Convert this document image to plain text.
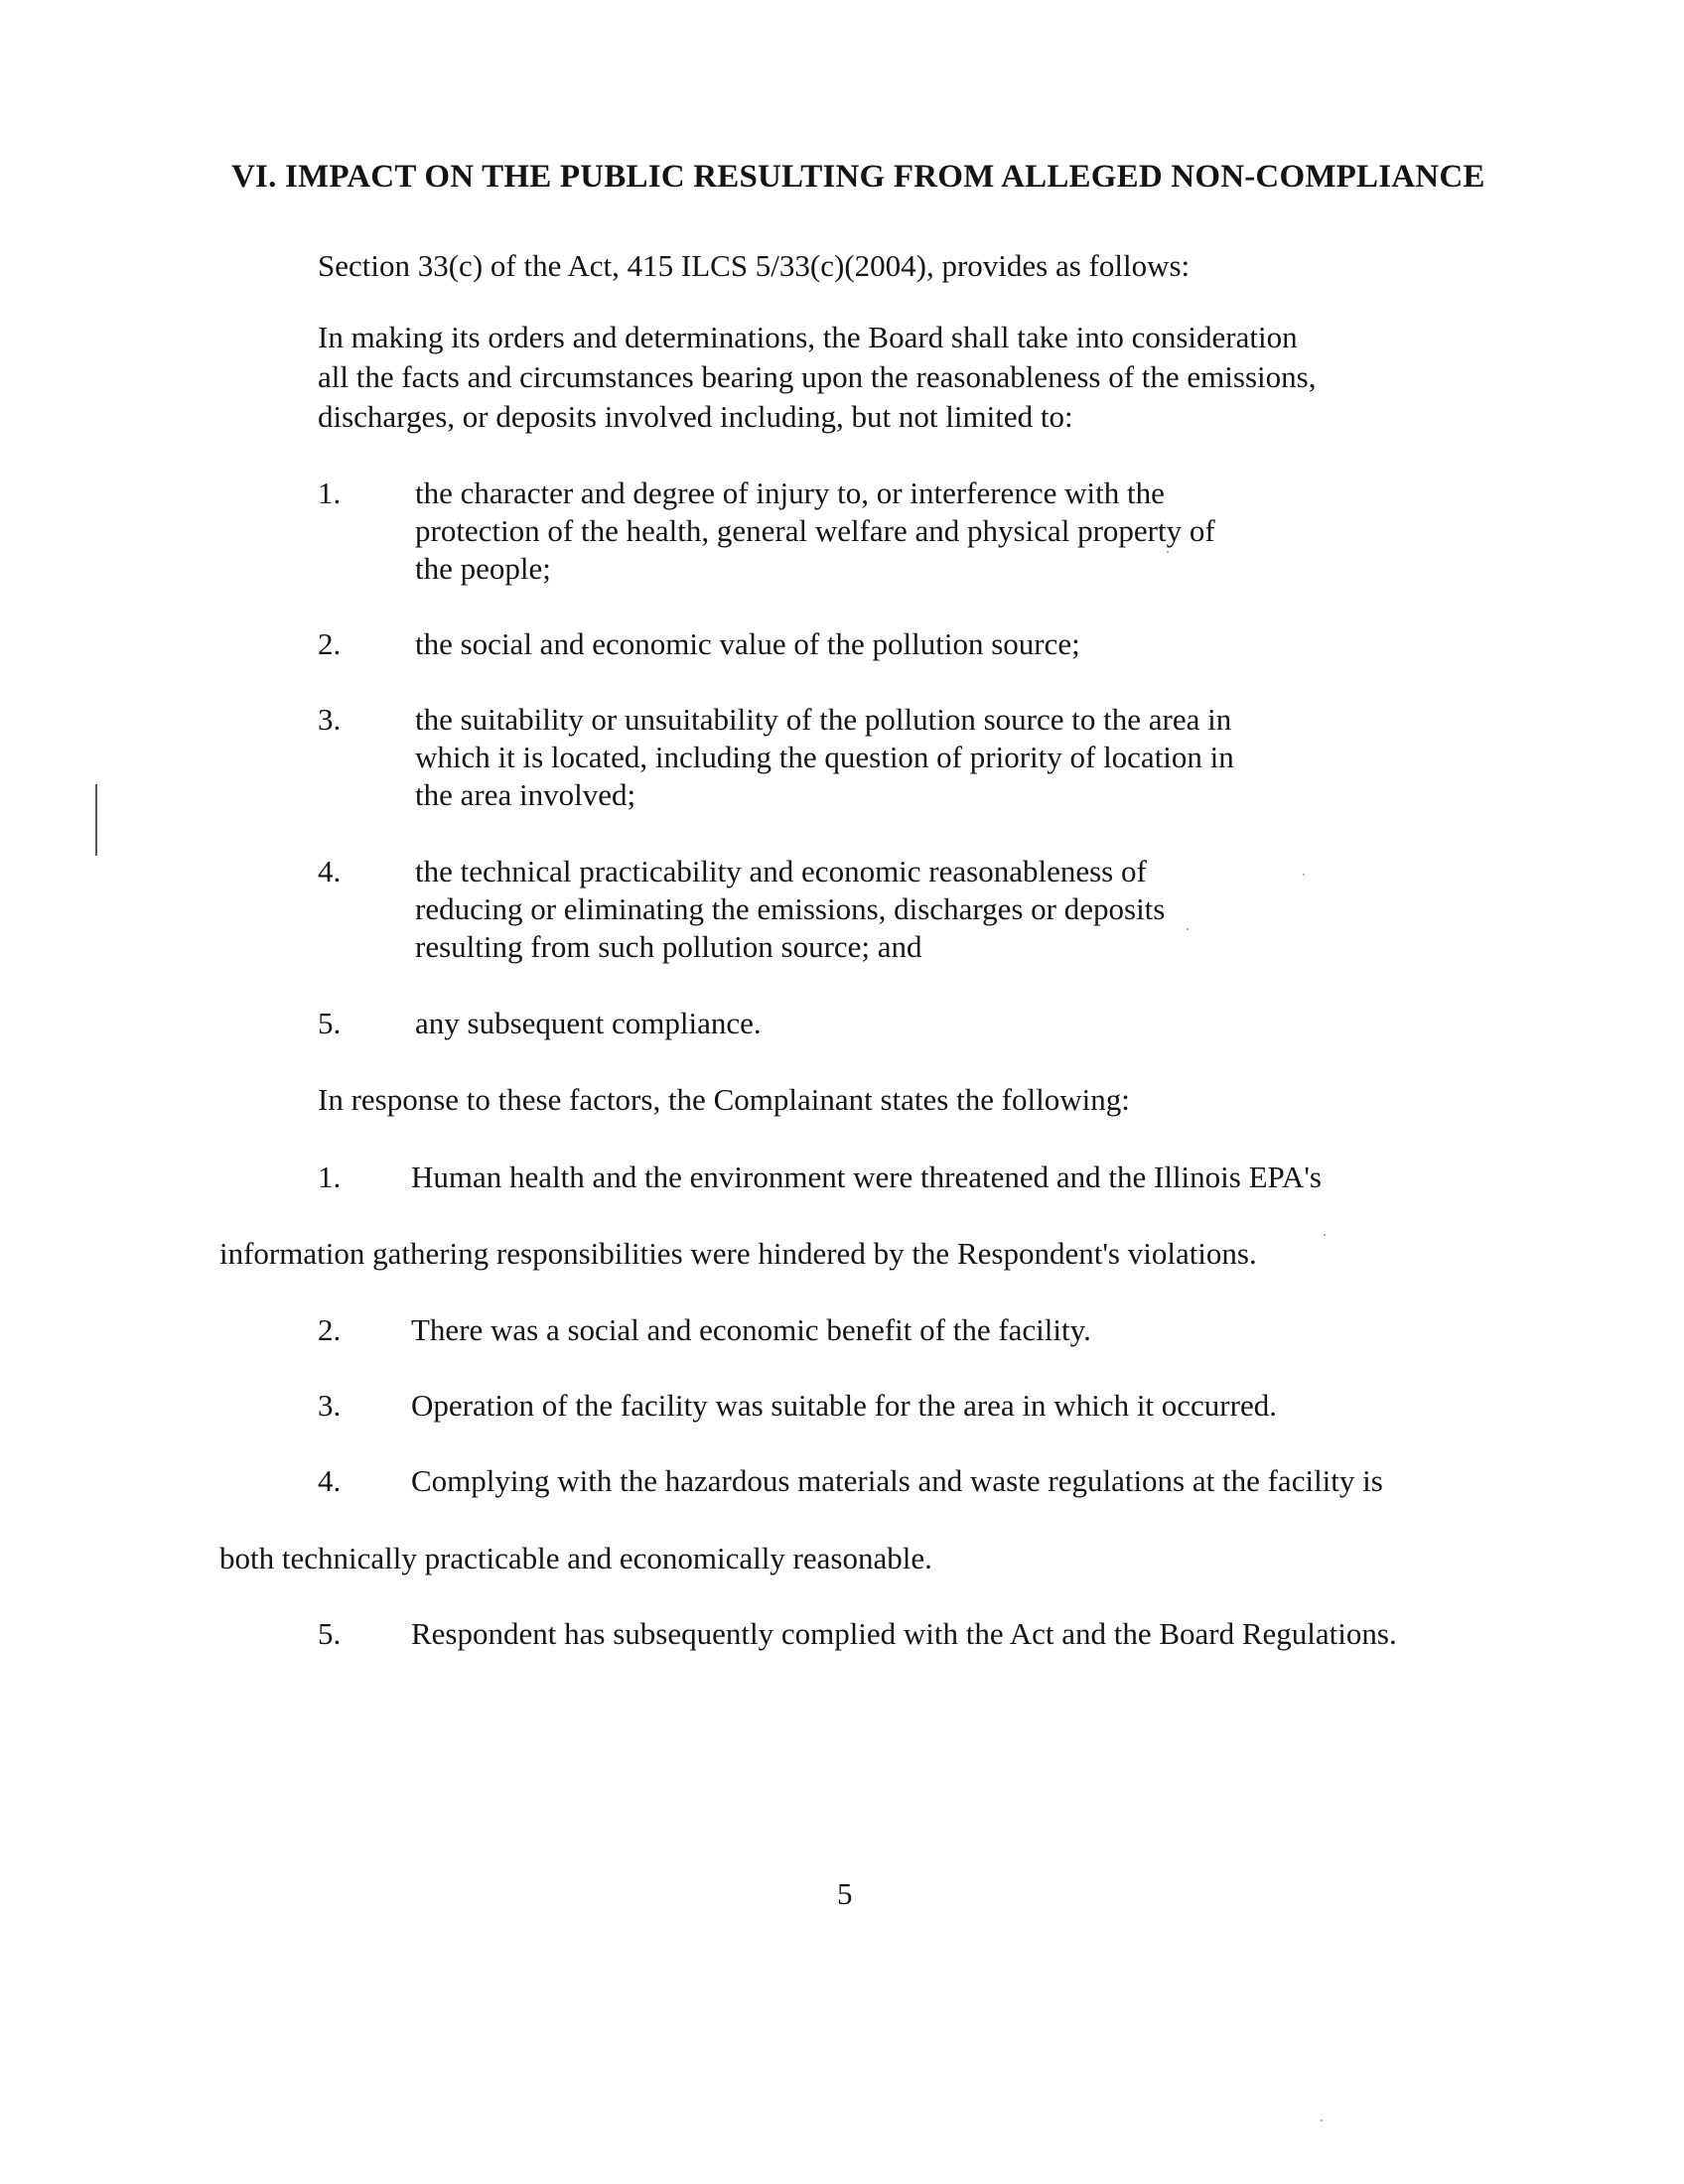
VI. IMPACT ON THE PUBLIC RESULTING FROM ALLEGED NON-COMPLIANCE
Section 33(c) of the Act, 415 ILCS 5/33(c)(2004), provides as follows:
In making its orders and determinations, the Board shall take into consideration
all the facts and circumstances bearing upon the reasonableness of the emissions,
discharges, or deposits involved including, but not limited to:
1. the character and degree of injury to, or interference with the
protection of the health, general welfare and physical property of
the people;
2. the social and economic value of the pollution source;
3. the suitability or unsuitability of the pollution source to the area in
which it is located, including the question of priority of location in
the area involved;
4. the technical practicability and economic reasonableness of
reducing or eliminating the emissions, discharges or deposits
resulting from such pollution source; and
5. any subsequent compliance.
In response to these factors, the Complainant states the following:
1. Human health and the environment were threatened and the Illinois EPA's
information gathering responsibilities were hindered by the Respondent's violations.
2. There was a social and economic benefit of the facility.
3. Operation of the facility was suitable for the area in which it occurred.
4. Complying with the hazardous materials and waste regulations at the facility is
both technically practicable and economically reasonable.
5. Respondent has subsequently complied with the Act and the Board Regulations.
5
